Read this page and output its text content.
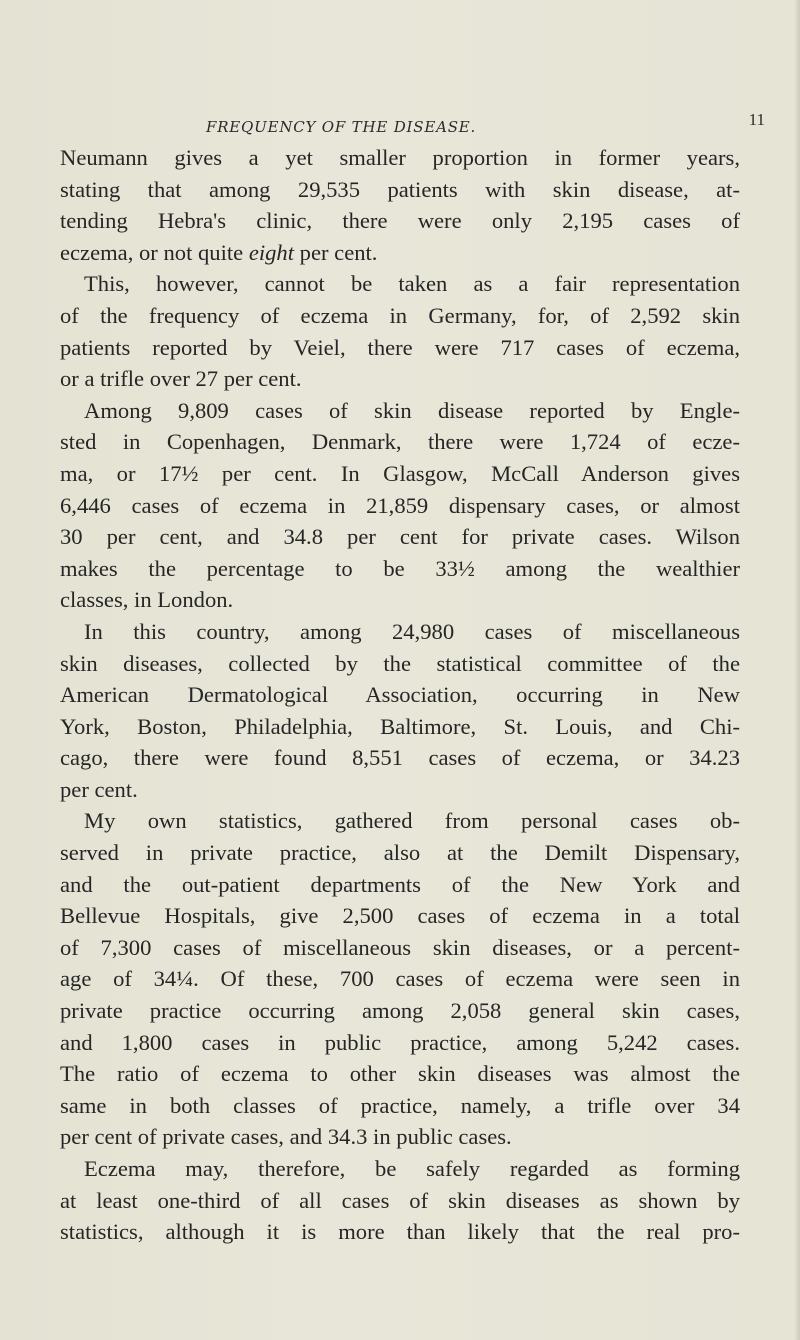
FREQUENCY OF THE DISEASE.	11
Neumann gives a yet smaller proportion in former years,
stating that among 29,535 patients with skin disease, at-
tending Hebra's clinic, there were only 2,195 cases of
eczema, or not quite eight per cent.
This, however, cannot be taken as a fair representation
of the frequency of eczema in Germany, for, of 2,592 skin
patients reported by Veiel, there were 717 cases of eczema,
or a trifle over 27 per cent.
Among 9,809 cases of skin disease reported by Engle-
sted in Copenhagen, Denmark, there were 1,724 of ecze-
ma, or 17½ per cent. In Glasgow, McCall Anderson gives
6,446 cases of eczema in 21,859 dispensary cases, or almost
30 per cent, and 34.8 per cent for private cases. Wilson
makes the percentage to be 33½ among the wealthier
classes, in London.
In this country, among 24,980 cases of miscellaneous
skin diseases, collected by the statistical committee of the
American Dermatological Association, occurring in New
York, Boston, Philadelphia, Baltimore, St. Louis, and Chi-
cago, there were found 8,551 cases of eczema, or 34.23
per cent.
My own statistics, gathered from personal cases ob-
served in private practice, also at the Demilt Dispensary,
and the out-patient departments of the New York and
Bellevue Hospitals, give 2,500 cases of eczema in a total
of 7,300 cases of miscellaneous skin diseases, or a percent-
age of 34¼. Of these, 700 cases of eczema were seen in
private practice occurring among 2,058 general skin cases,
and 1,800 cases in public practice, among 5,242 cases.
The ratio of eczema to other skin diseases was almost the
same in both classes of practice, namely, a trifle over 34
per cent of private cases, and 34.3 in public cases.
Eczema may, therefore, be safely regarded as forming
at least one-third of all cases of skin diseases as shown by
statistics, although it is more than likely that the real pro-
